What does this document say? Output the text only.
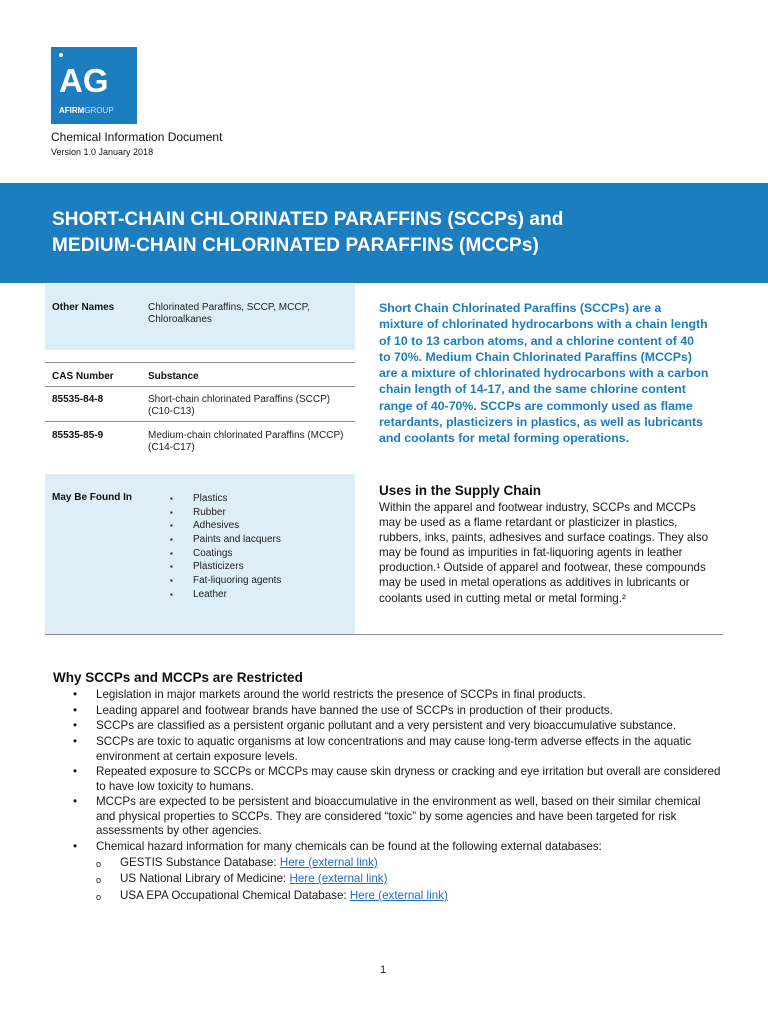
AG
AFIRMGROUP
Chemical Information Document
Version 1.0 January 2018
SHORT-CHAIN CHLORINATED PARAFFINS (SCCPs) and
MEDIUM-CHAIN CHLORINATED PARAFFINS (MCCPs)
Other Names	Chlorinated Paraffins, SCCP, MCCP,
Chloroalkanes
CAS Number	Substance
85535-84-8	Short-chain chlorinated Paraffins (SCCP)
(C10-C13)
85535-85-9	Medium-chain chlorinated Paraffins (MCCP)
(C14-C17)
May Be Found In
▪	Plastics
▪ Rubber
▪ Adhesives
▪ Paints and lacquers
▪ Coatings
▪ Plasticizers
▪ Fat-liquoring agents
▪ Leather

Short Chain Chlorinated Paraffins (SCCPs) are a mixture of chlorinated hydrocarbons with a chain length of 10 to 13 carbon atoms, and a chlorine content of 40 to 70%. Medium Chain Chlorinated Paraffins (MCCPs) are a mixture of chlorinated hydrocarbons with a carbon chain length of 14-17, and the same chlorine content range of 40-70%. SCCPs are commonly used as flame retardants, plasticizers in plastics, as well as lubricants and coolants for metal forming operations.

Uses in the Supply Chain

Within the apparel and footwear industry, SCCPs and MCCPs may be used as a flame retardant or plasticizer in plastics, rubbers, inks, paints, adhesives and surface coatings. They also may be found as impurities in fat-liquoring agents in leather production.¹ Outside of apparel and footwear, these compounds may be used in metal operations as additives in lubricants or coolants used in cutting metal or metal forming.²

Why SCCPs and MCCPs are Restricted
• Legislation in major markets around the world restricts the presence of SCCPs in final products.
• Leading apparel and footwear brands have banned the use of SCCPs in production of their products.
• SCCPs are classified as a persistent organic pollutant and a very persistent and very bioaccumulative substance.
• SCCPs are toxic to aquatic organisms at low concentrations and may cause long-term adverse effects in the aquatic environment at certain exposure levels.
• Repeated exposure to SCCPs or MCCPs may cause skin dryness or cracking and eye irritation but overall are considered to have low toxicity to humans.
• MCCPs are expected to be persistent and bioaccumulative in the environment as well, based on their similar chemical and physical properties to SCCPs. They are considered “toxic” by some agencies and have been targeted for risk assessments by other agencies.
• Chemical hazard information for many chemicals can be found at the following external databases:
o GESTIS Substance Database: Here (external link)
o US National Library of Medicine: Here (external link)
o USA EPA Occupational Chemical Database: Here (external link)
1
